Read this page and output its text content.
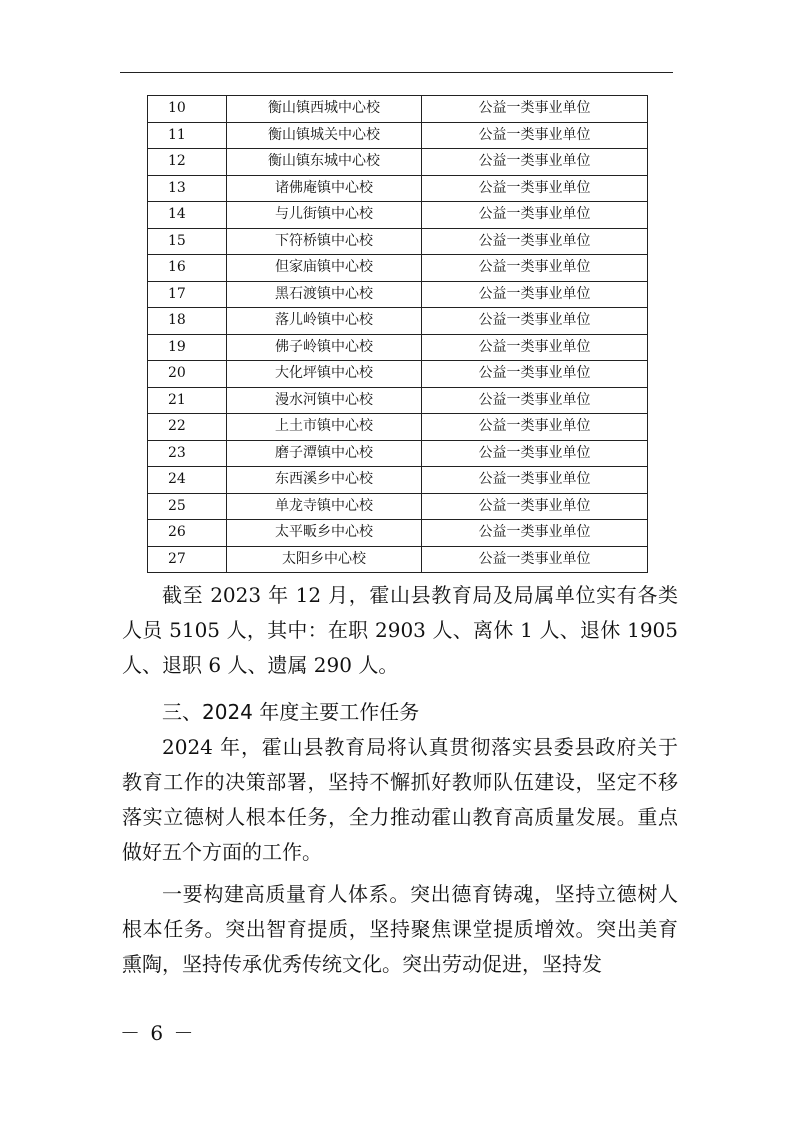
10	衡山镇西城中心校	公益一类事业单位
11	衡山镇城关中心校	公益一类事业单位
12	衡山镇东城中心校	公益一类事业单位
13	诸佛庵镇中心校	公益一类事业单位
14	与儿街镇中心校	公益一类事业单位
15	下符桥镇中心校	公益一类事业单位
16	但家庙镇中心校	公益一类事业单位
17	黑石渡镇中心校	公益一类事业单位
18	落儿岭镇中心校	公益一类事业单位
19	佛子岭镇中心校	公益一类事业单位
20	大化坪镇中心校	公益一类事业单位
21	漫水河镇中心校	公益一类事业单位
22	上土市镇中心校	公益一类事业单位
23	磨子潭镇中心校	公益一类事业单位
24	东西溪乡中心校	公益一类事业单位
25	单龙寺镇中心校	公益一类事业单位
26	太平畈乡中心校	公益一类事业单位
27	太阳乡中心校	公益一类事业单位

截至 2023 年 12 月，霍山县教育局及局属单位实有各类人员 5105 人，其中：在职 2903 人、离休 1 人、退休 1905 人、退职 6 人、遗属 290 人。

三、2024 年度主要工作任务

2024 年，霍山县教育局将认真贯彻落实县委县政府关于教育工作的决策部署，坚持不懈抓好教师队伍建设，坚定不移落实立德树人根本任务，全力推动霍山教育高质量发展。重点做好五个方面的工作。

一要构建高质量育人体系。突出德育铸魂，坚持立德树人根本任务。突出智育提质，坚持聚焦课堂提质增效。突出美育熏陶，坚持传承优秀传统文化。突出劳动促进，坚持发

－ 6 －
